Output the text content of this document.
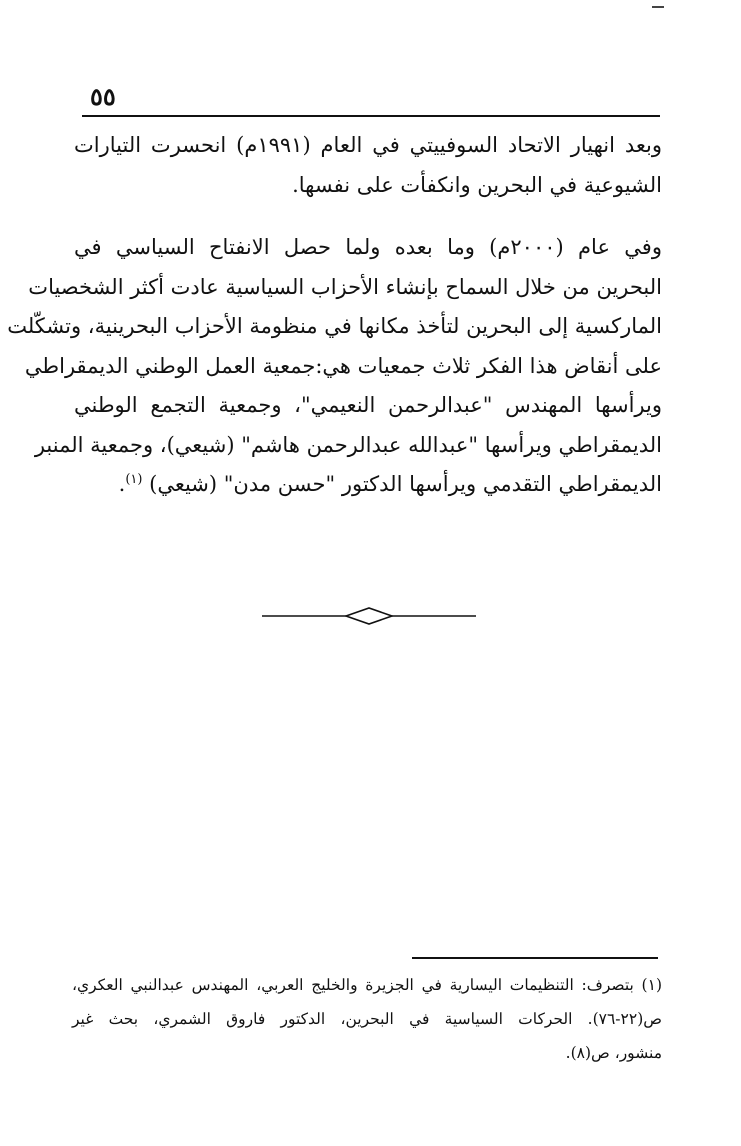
٥٥

وبعد انهيار الاتحاد السوفييتي في العام (١٩٩١م) انحسرت التيارات
الشيوعية في البحرين وانكفأت على نفسها.

وفي عام (٢٠٠٠م) وما بعده ولما حصل الانفتاح السياسي في
البحرين من خلال السماح بإنشاء الأحزاب السياسية عادت أكثر الشخصيات
الماركسية إلى البحرين لتأخذ مكانها في منظومة الأحزاب البحرينية، وتشكّلت
على أنقاض هذا الفكر ثلاث جمعيات هي:جمعية العمل الوطني الديمقراطي
ويرأسها المهندس "عبدالرحمن النعيمي"، وجمعية التجمع الوطني
الديمقراطي ويرأسها "عبدالله عبدالرحمن هاشم" (شيعي)، وجمعية المنبر
الديمقراطي التقدمي ويرأسها الدكتور "حسن مدن" (شيعي) $^{(١)}$.

(١) بتصرف: التنظيمات اليسارية في الجزيرة والخليج العربي، المهندس عبدالنبي العكري،
ص(٢٢-٧٦). الحركات السياسية في البحرين، الدكتور فاروق الشمري، بحث غير
منشور، ص(٨).
